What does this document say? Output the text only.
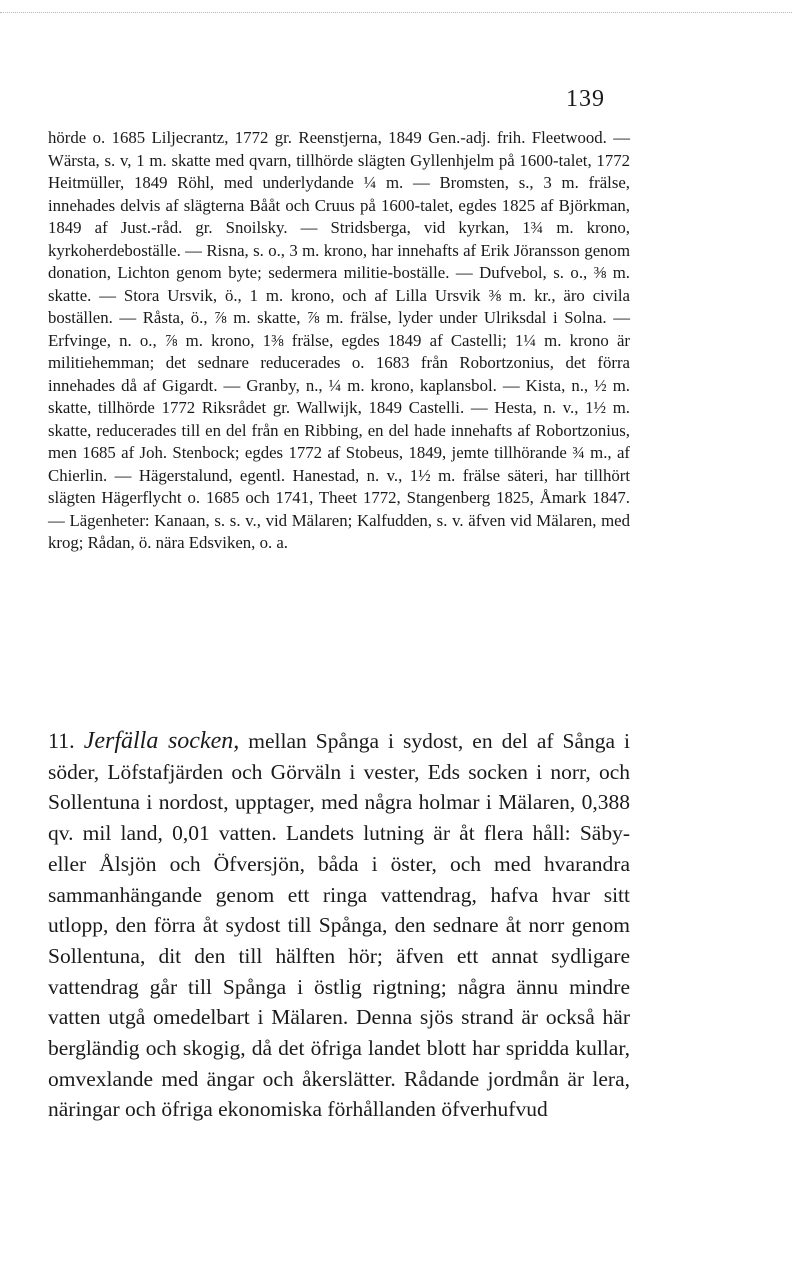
139
hörde o. 1685 Liljecrantz, 1772 gr. Reenstjerna, 1849 Gen.-adj. frih. Fleetwood. — Wärsta, s. v, 1 m. skatte med qvarn, tillhörde slägten Gyllenhjelm på 1600-talet, 1772 Heitmüller, 1849 Röhl, med underlydande ¼ m. — Bromsten, s., 3 m. frälse, innehades delvis af slägterna Bååt och Cruus på 1600-talet, egdes 1825 af Björkman, 1849 af Just.-råd. gr. Snoilsky. — Stridsberga, vid kyrkan, 1¾ m. krono, kyrkoherdeboställe. — Risna, s. o., 3 m. krono, har innehafts af Erik Jöransson genom donation, Lichton genom byte; sedermera militie-boställe. — Dufvebol, s. o., ⅜ m. skatte. — Stora Ursvik, ö., 1 m. krono, och af Lilla Ursvik ⅜ m. kr., äro civila boställen. — Råsta, ö., ⅞ m. skatte, ⅞ m. frälse, lyder under Ulriksdal i Solna. — Erfvinge, n. o., ⅞ m. krono, 1⅜ frälse, egdes 1849 af Castelli; 1¼ m. krono är militiehemman; det sednare reducerades o. 1683 från Robortzonius, det förra innehades då af Gigardt. — Granby, n., ¼ m. krono, kaplansbol. — Kista, n., ½ m. skatte, tillhörde 1772 Riksrådet gr. Wallwijk, 1849 Castelli. — Hesta, n. v., 1½ m. skatte, reducerades till en del från en Ribbing, en del hade innehafts af Robortzonius, men 1685 af Joh. Stenbock; egdes 1772 af Stobeus, 1849, jemte tillhörande ¾ m., af Chierlin. — Hägerstalund, egentl. Hanestad, n. v., 1½ m. frälse säteri, har tillhört slägten Hägerflycht o. 1685 och 1741, Theet 1772, Stangenberg 1825, Åmark 1847. — Lägenheter: Kanaan, s. s. v., vid Mälaren; Kalfudden, s. v. äfven vid Mälaren, med krog; Rådan, ö. nära Edsviken, o. a.
11. Jerfälla socken, mellan Spånga i sydost, en del af Sånga i söder, Löfstafjärden och Görväln i vester, Eds socken i norr, och Sollentuna i nordost, upptager, med några holmar i Mälaren, 0,388 qv. mil land, 0,01 vatten. Landets lutning är åt flera håll: Säby- eller Ålsjön och Öfversjön, båda i öster, och med hvarandra sammanhängande genom ett ringa vattendrag, hafva hvar sitt utlopp, den förra åt sydost till Spånga, den sednare åt norr genom Sollentuna, dit den till hälften hör; äfven ett annat sydligare vattendrag går till Spånga i östlig rigtning; några ännu mindre vatten utgå omedelbart i Mälaren. Denna sjös strand är också här bergländig och skogig, då det öfriga landet blott har spridda kullar, omvexlande med ängar och åkerslätter. Rådande jordmån är lera, näringar och öfriga ekonomiska förhållanden öfverhufvud
